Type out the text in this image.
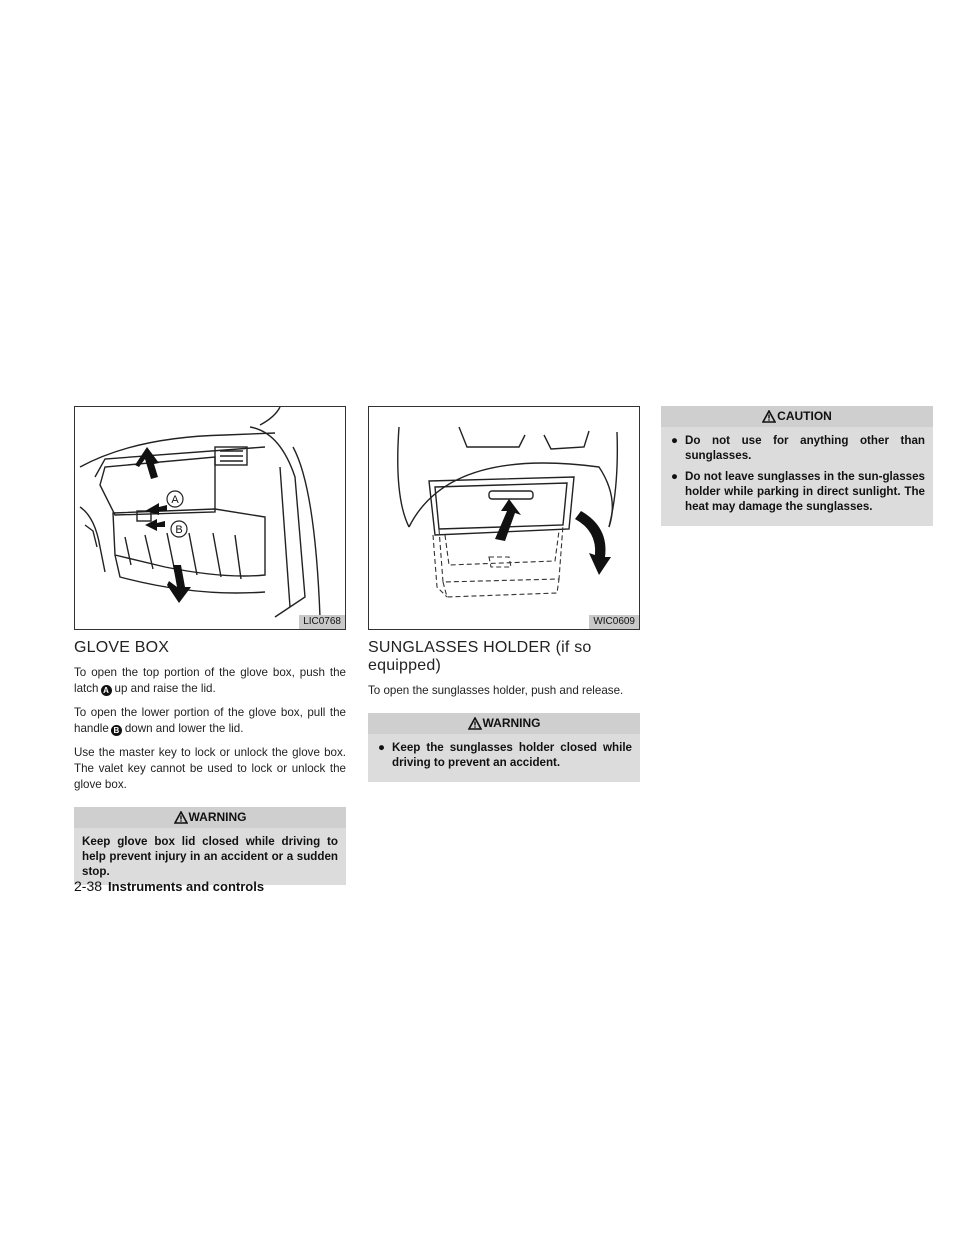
A
B
LIC0768
GLOVE BOX

To open the top portion of the glove box, push the latch A up and raise the lid.

To open the lower portion of the glove box, pull the handle B down and lower the lid.

Use the master key to lock or unlock the glove box. The valet key cannot be used to lock or unlock the glove box.

WARNING

Keep glove box lid closed while driving to help prevent injury in an accident or a sudden stop.

WIC0609
SUNGLASSES HOLDER (if so equipped)

To open the sunglasses holder, push and release.

WARNING
● Keep the sunglasses holder closed while driving to prevent an accident.
CAUTION
● Do not use for anything other than sunglasses.
● Do not leave sunglasses in the sun-glasses holder while parking in direct sunlight. The heat may damage the sunglasses.
2-38 Instruments and controls
